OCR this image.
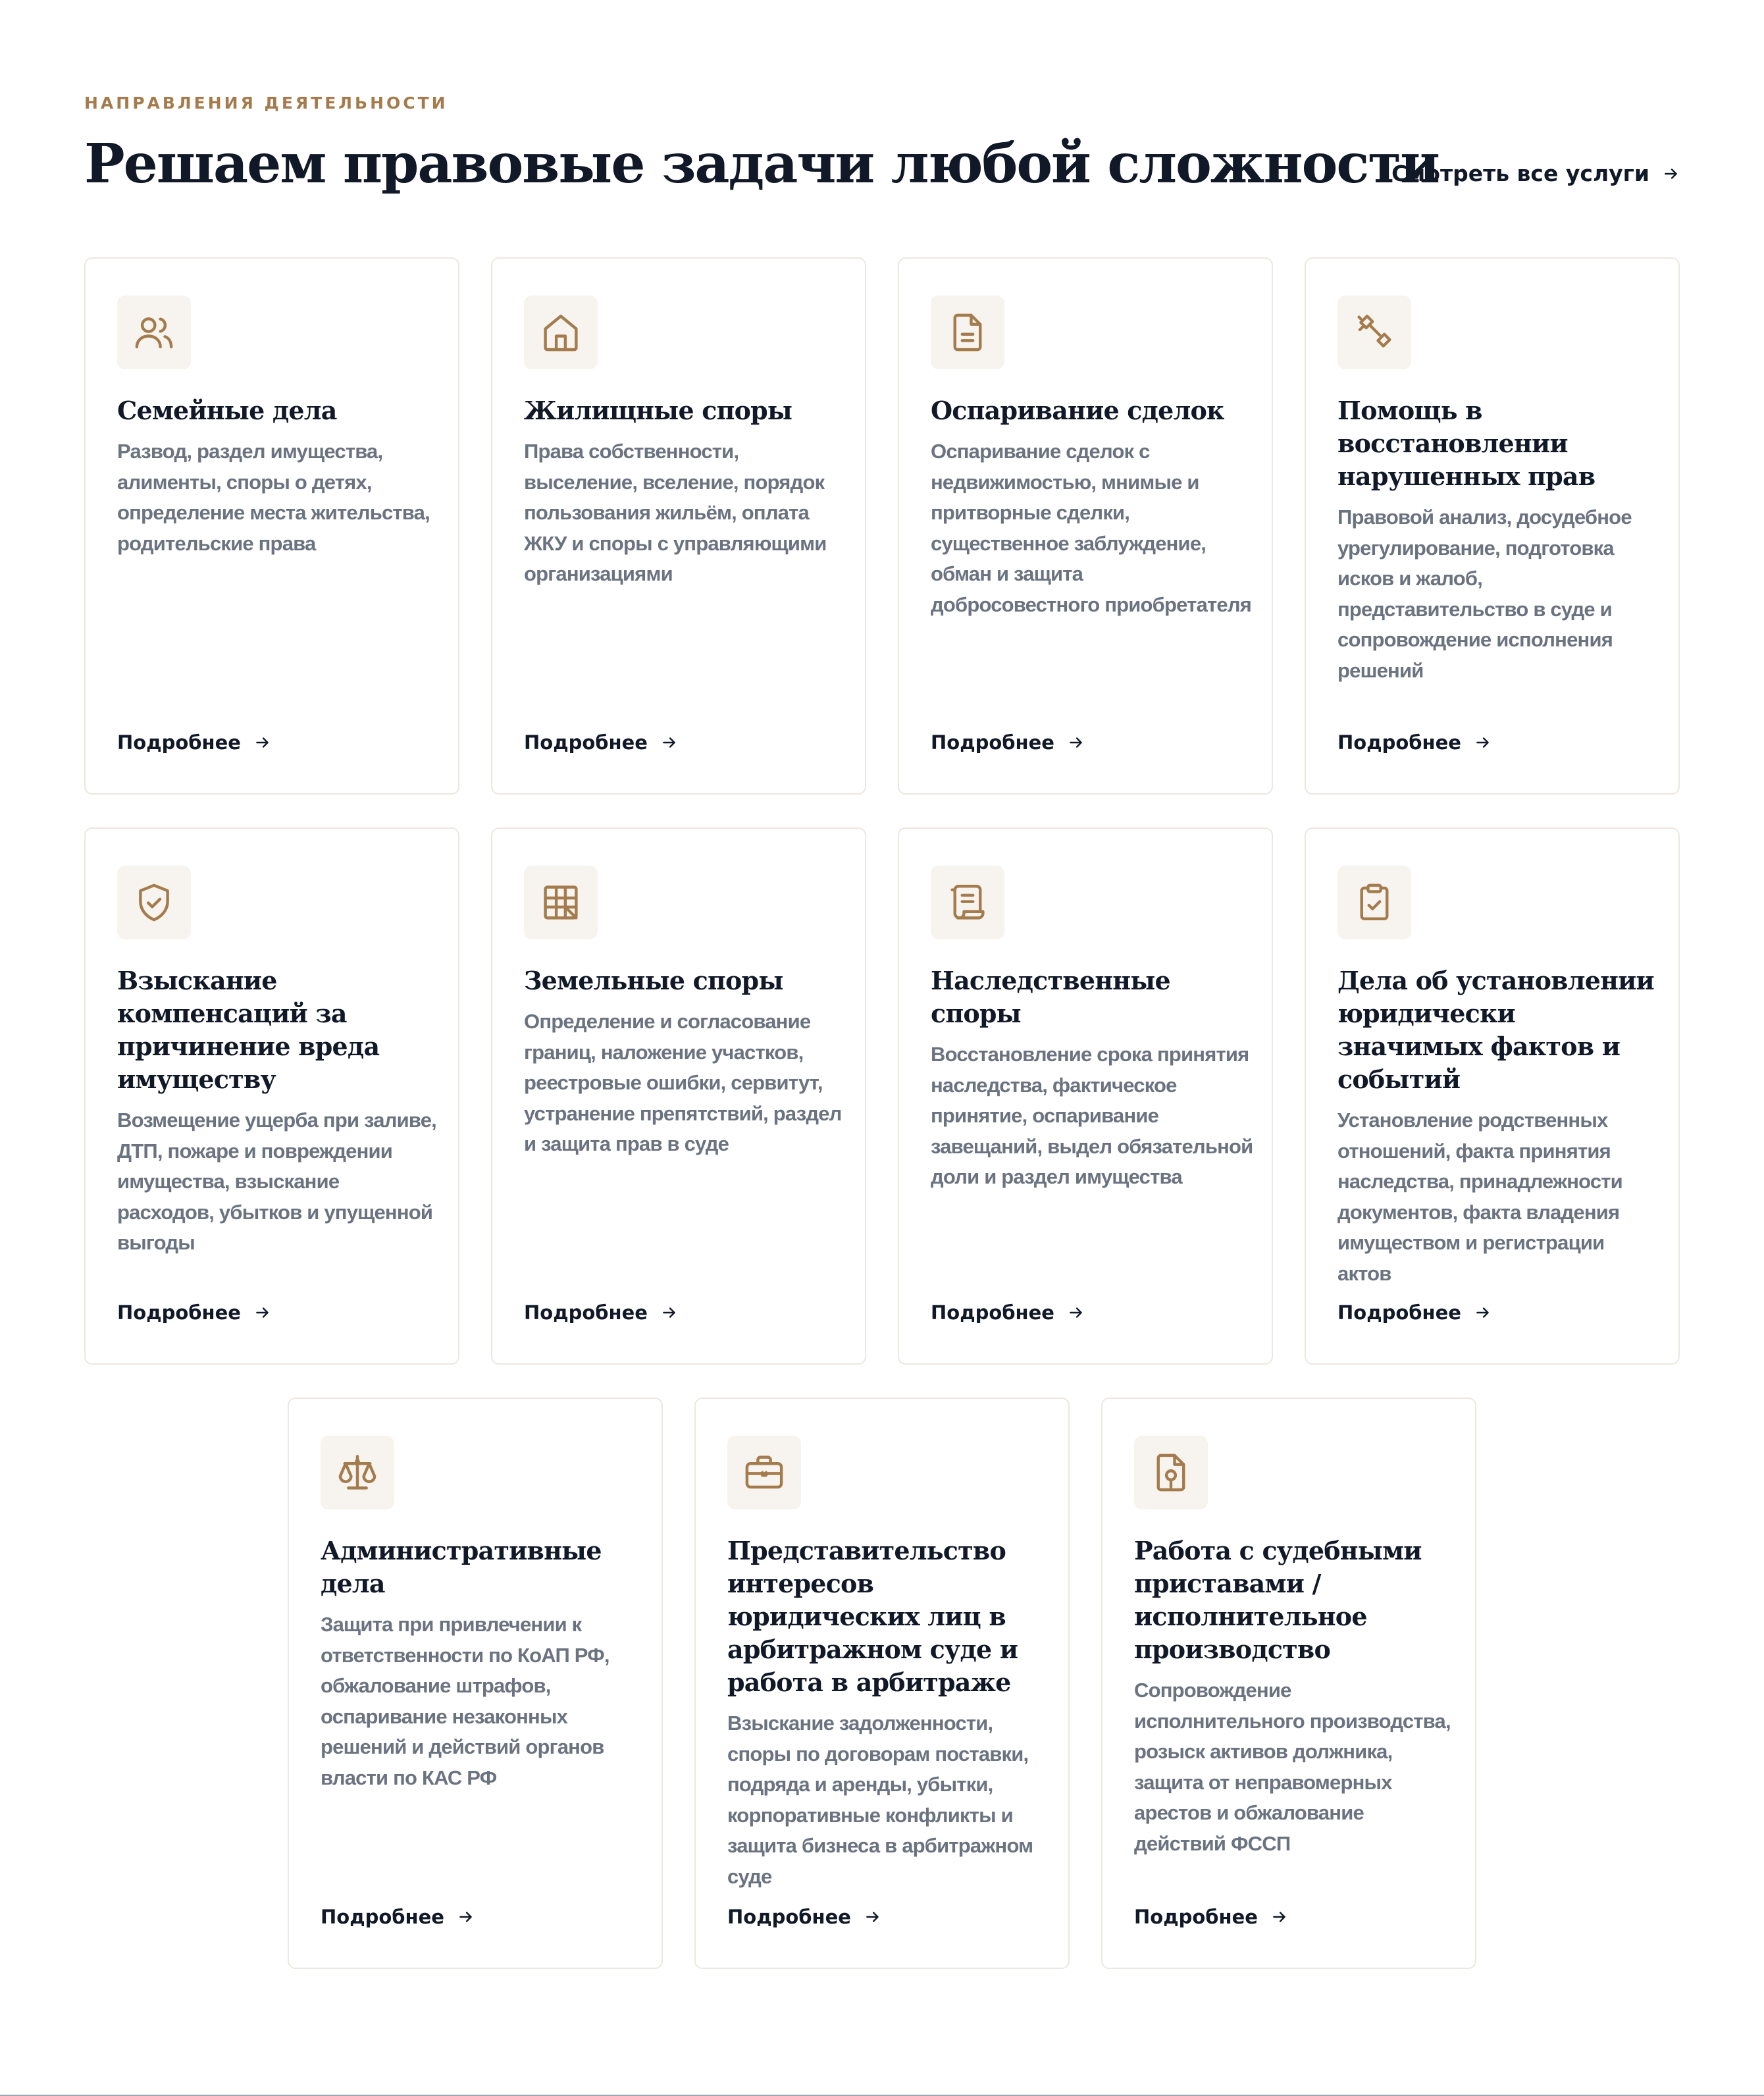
НАПРАВЛЕНИЯ ДЕЯТЕЛЬНОСТИ
Решаем правовые задачи любой сложности
Смотреть все услуги
Семейные дела
Развод, раздел имущества, алименты, споры о детях, определение места жительства, родительские права
Подробнее
Жилищные споры
Права собственности, выселение, вселение, порядок пользования жильём, оплата ЖКУ и споры с управляющими организациями
Подробнее
Оспаривание сделок
Оспаривание сделок с недвижимостью, мнимые и притворные сделки, существенное заблуждение, обман и защита добросовестного приобретателя
Подробнее
Помощь в восстановлении нарушенных прав
Правовой анализ, досудебное урегулирование, подготовка исков и жалоб, представительство в суде и сопровождение исполнения решений
Подробнее
Взыскание компенсаций за причинение вреда имуществу
Возмещение ущерба при заливе, ДТП, пожаре и повреждении имущества, взыскание расходов, убытков и упущенной выгоды
Подробнее
Земельные споры
Определение и согласование границ, наложение участков, реестровые ошибки, сервитут, устранение препятствий, раздел и защита прав в суде
Подробнее
Наследственные споры
Восстановление срока принятия наследства, фактическое принятие, оспаривание завещаний, выдел обязательной доли и раздел имущества
Подробнее
Дела об установлении юридически значимых фактов и событий
Установление родственных отношений, факта принятия наследства, принадлежности документов, факта владения имуществом и регистрации актов
Подробнее
Административные дела
Защита при привлечении к ответственности по КоАП РФ, обжалование штрафов, оспаривание незаконных решений и действий органов власти по КАС РФ
Подробнее
Представительство интересов юридических лиц в арбитражном суде и работа в арбитраже
Взыскание задолженности, споры по договорам поставки, подряда и аренды, убытки, корпоративные конфликты и защита бизнеса в арбитражном суде
Подробнее
Работа с судебными приставами / исполнительное производство
Сопровождение исполнительного производства, розыск активов должника, защита от неправомерных арестов и обжалование действий ФССП
Подробнее
